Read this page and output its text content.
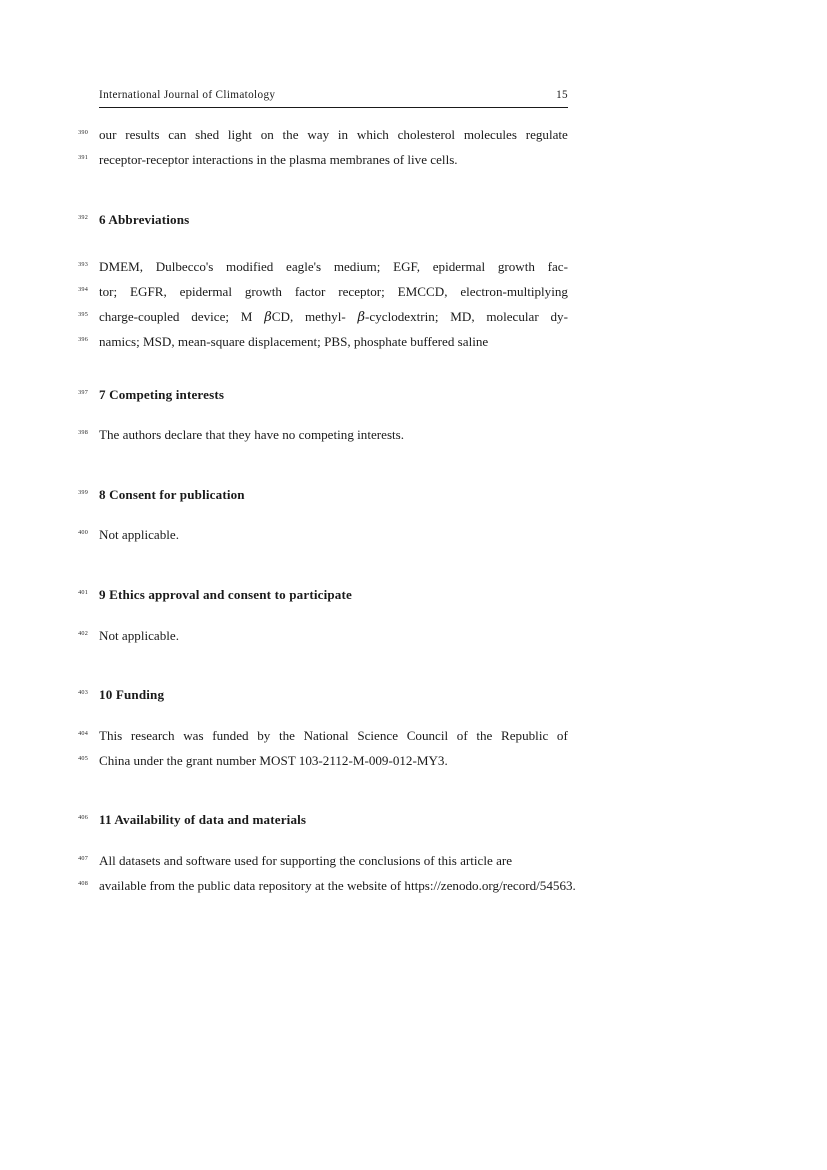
International Journal of Climatology	15
390 our results can shed light on the way in which cholesterol molecules regulate
391 receptor-receptor interactions in the plasma membranes of live cells.
392 6 Abbreviations
393 DMEM, Dulbecco's modified eagle's medium; EGF, epidermal growth fac-
394 tor; EGFR, epidermal growth factor receptor; EMCCD, electron-multiplying
395 charge-coupled device; M βCD, methyl- β-cyclodextrin; MD, molecular dy-
396 namics; MSD, mean-square displacement; PBS, phosphate buffered saline
397 7 Competing interests
398 The authors declare that they have no competing interests.
399 8 Consent for publication
400 Not applicable.
401 9 Ethics approval and consent to participate
402 Not applicable.
403 10 Funding
404 This research was funded by the National Science Council of the Republic of
405 China under the grant number MOST 103-2112-M-009-012-MY3.
406 11 Availability of data and materials
407 All datasets and software used for supporting the conclusions of this article are
408 available from the public data repository at the website of https://zenodo.org/record/54563.
